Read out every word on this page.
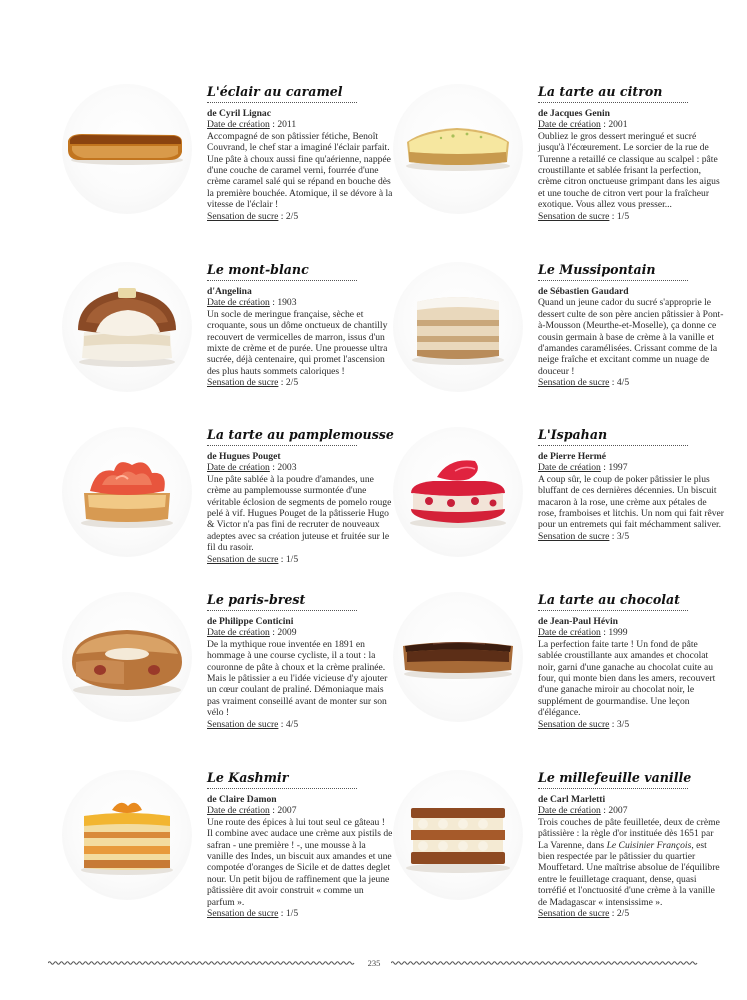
L'éclair au caramel

de Cyril Lignac

Date de création : 2011

Accompagné de son pâtissier fétiche, Benoît Couvrand, le chef star a imaginé l'éclair parfait. Une pâte à choux aussi fine qu'aérienne, nappée d'une couche de caramel verni, fourrée d'une crème caramel salé qui se répand en bouche dès la première bouchée. Atomique, il se dévore à la vitesse de l'éclair !

Sensation de sucre : 2/5

La tarte au citron

de Jacques Genin

Date de création : 2001

Oubliez le gros dessert meringué et sucré jusqu'à l'écœurement. Le sorcier de la rue de Turenne a retaillé ce classique au scalpel : pâte croustillante et sablée frisant la perfection, crème citron onctueuse grimpant dans les aigus et une touche de citron vert pour la fraîcheur exotique. Vous allez vous presser...

Sensation de sucre : 1/5

Le mont-blanc

d'Angelina

Date de création : 1903

Un socle de meringue française, sèche et croquante, sous un dôme onctueux de chantilly recouvert de vermicelles de marron, issus d'un mixte de crème et de purée. Une prouesse ultra sucrée, déjà centenaire, qui promet l'ascension des plus hauts sommets caloriques !

Sensation de sucre : 2/5

Le Mussipontain

de Sébastien Gaudard

Quand un jeune cador du sucré s'approprie le dessert culte de son père ancien pâtissier à Pont-à-Mousson (Meurthe-et-Moselle), ça donne ce cousin germain à base de crème à la vanille et d'amandes caramélisées. Crissant comme de la neige fraîche et excitant comme un nuage de douceur !

Sensation de sucre : 4/5

La tarte au pamplemousse

de Hugues Pouget

Date de création : 2003

Une pâte sablée à la poudre d'amandes, une crème au pamplemousse surmontée d'une véritable éclosion de segments de pomelo rouge pelé à vif. Hugues Pouget de la pâtisserie Hugo & Victor n'a pas fini de recruter de nouveaux adeptes avec sa création juteuse et fruitée sur le fil du rasoir.

Sensation de sucre : 1/5

L'Ispahan

de Pierre Hermé

Date de création : 1997

A coup sûr, le coup de poker pâtissier le plus bluffant de ces dernières décennies. Un biscuit macaron à la rose, une crème aux pétales de rose, framboises et litchis. Un nom qui fait rêver pour un entremets qui fait méchamment saliver.

Sensation de sucre : 3/5

Le paris-brest

de Philippe Conticini

Date de création : 2009

De la mythique roue inventée en 1891 en hommage à une course cycliste, il a tout : la couronne de pâte à choux et la crème pralinée. Mais le pâtissier a eu l'idée vicieuse d'y ajouter un cœur coulant de praliné. Démoniaque mais pas vraiment conseillé avant de monter sur son vélo !

Sensation de sucre : 4/5

La tarte au chocolat

de Jean-Paul Hévin

Date de création : 1999

La perfection faite tarte ! Un fond de pâte sablée croustillante aux amandes et chocolat noir, garni d'une ganache au chocolat cuite au four, qui monte bien dans les amers, recouvert d'une ganache miroir au chocolat noir, le supplément de gourmandise. Une leçon d'élégance.

Sensation de sucre : 3/5

Le Kashmir

de Claire Damon

Date de création : 2007

Une route des épices à lui tout seul ce gâteau ! Il combine avec audace une crème aux pistils de safran - une première ! -, une mousse à la vanille des Indes, un biscuit aux amandes et une compotée d'oranges de Sicile et de dattes deglet nour. Un petit bijou de raffinement que la jeune pâtissière dit avoir construit « comme un parfum ».

Sensation de sucre : 1/5

Le millefeuille vanille

de Carl Marletti

Date de création : 2007

Trois couches de pâte feuilletée, deux de crème pâtissière : la règle d'or instituée dès 1651 par La Varenne, dans Le Cuisinier François, est bien respectée par le pâtissier du quartier Mouffetard. Une maîtrise absolue de l'équilibre entre le feuilletage craquant, dense, quasi torréfié et l'onctuosité d'une crème à la vanille de Madagascar « intensissime ».

Sensation de sucre : 2/5

235
